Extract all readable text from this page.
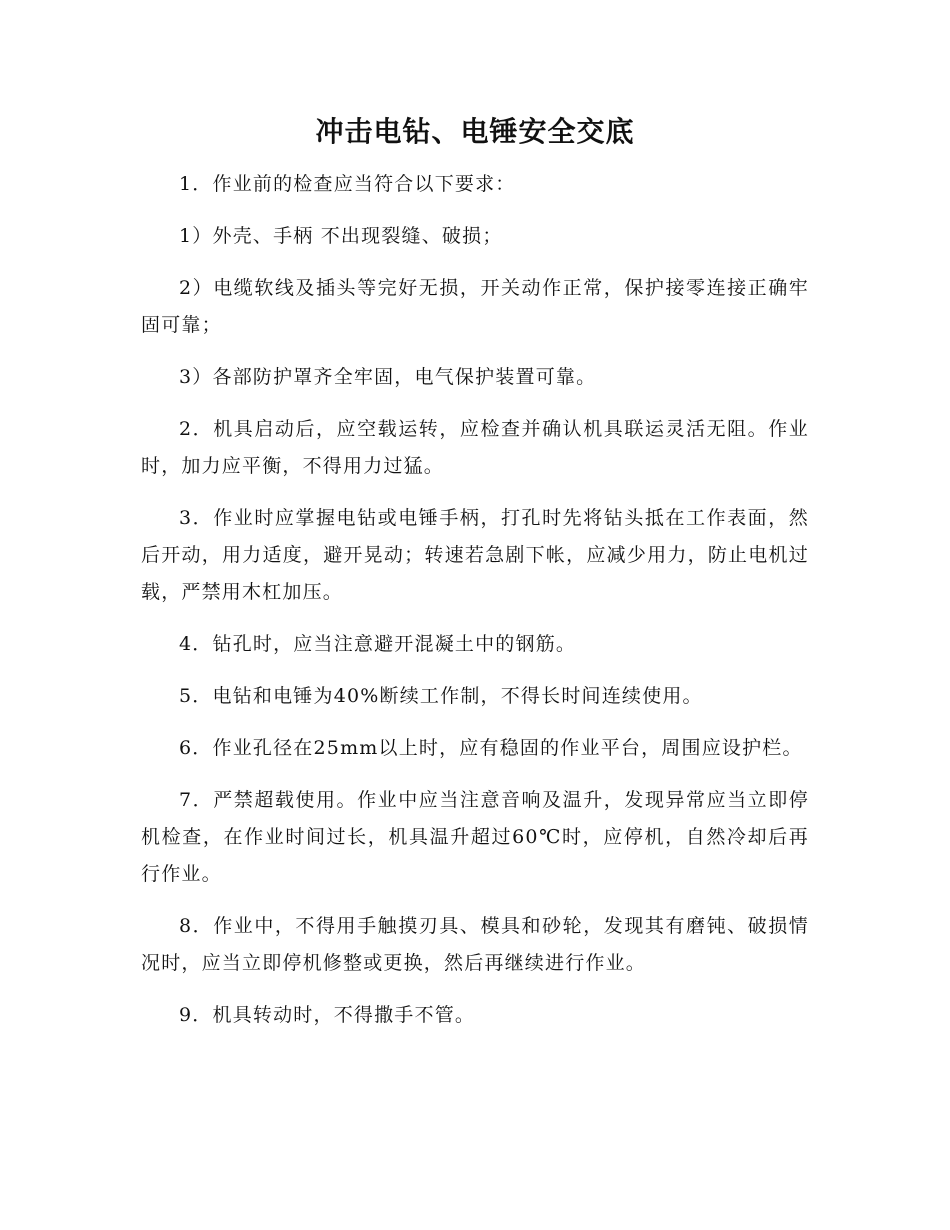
冲击电钻、电锤安全交底

1．作业前的检查应当符合以下要求：

1）外壳、手柄 不出现裂缝、破损；

2）电缆软线及插头等完好无损，开关动作正常，保护接零连接正确牢固可靠；

3）各部防护罩齐全牢固，电气保护装置可靠。

2．机具启动后，应空载运转，应检查并确认机具联运灵活无阻。作业时，加力应平衡，不得用力过猛。

3．作业时应掌握电钻或电锤手柄，打孔时先将钻头抵在工作表面，然后开动，用力适度，避开晃动；转速若急剧下帐，应减少用力，防止电机过载，严禁用木杠加压。

4．钻孔时，应当注意避开混凝土中的钢筋。

5．电钻和电锤为40%断续工作制，不得长时间连续使用。

6．作业孔径在25mm以上时，应有稳固的作业平台，周围应设护栏。

7．严禁超载使用。作业中应当注意音响及温升，发现异常应当立即停机检查，在作业时间过长，机具温升超过60℃时，应停机，自然冷却后再行作业。

8．作业中，不得用手触摸刃具、模具和砂轮，发现其有磨钝、破损情况时，应当立即停机修整或更换，然后再继续进行作业。

9．机具转动时，不得撒手不管。
